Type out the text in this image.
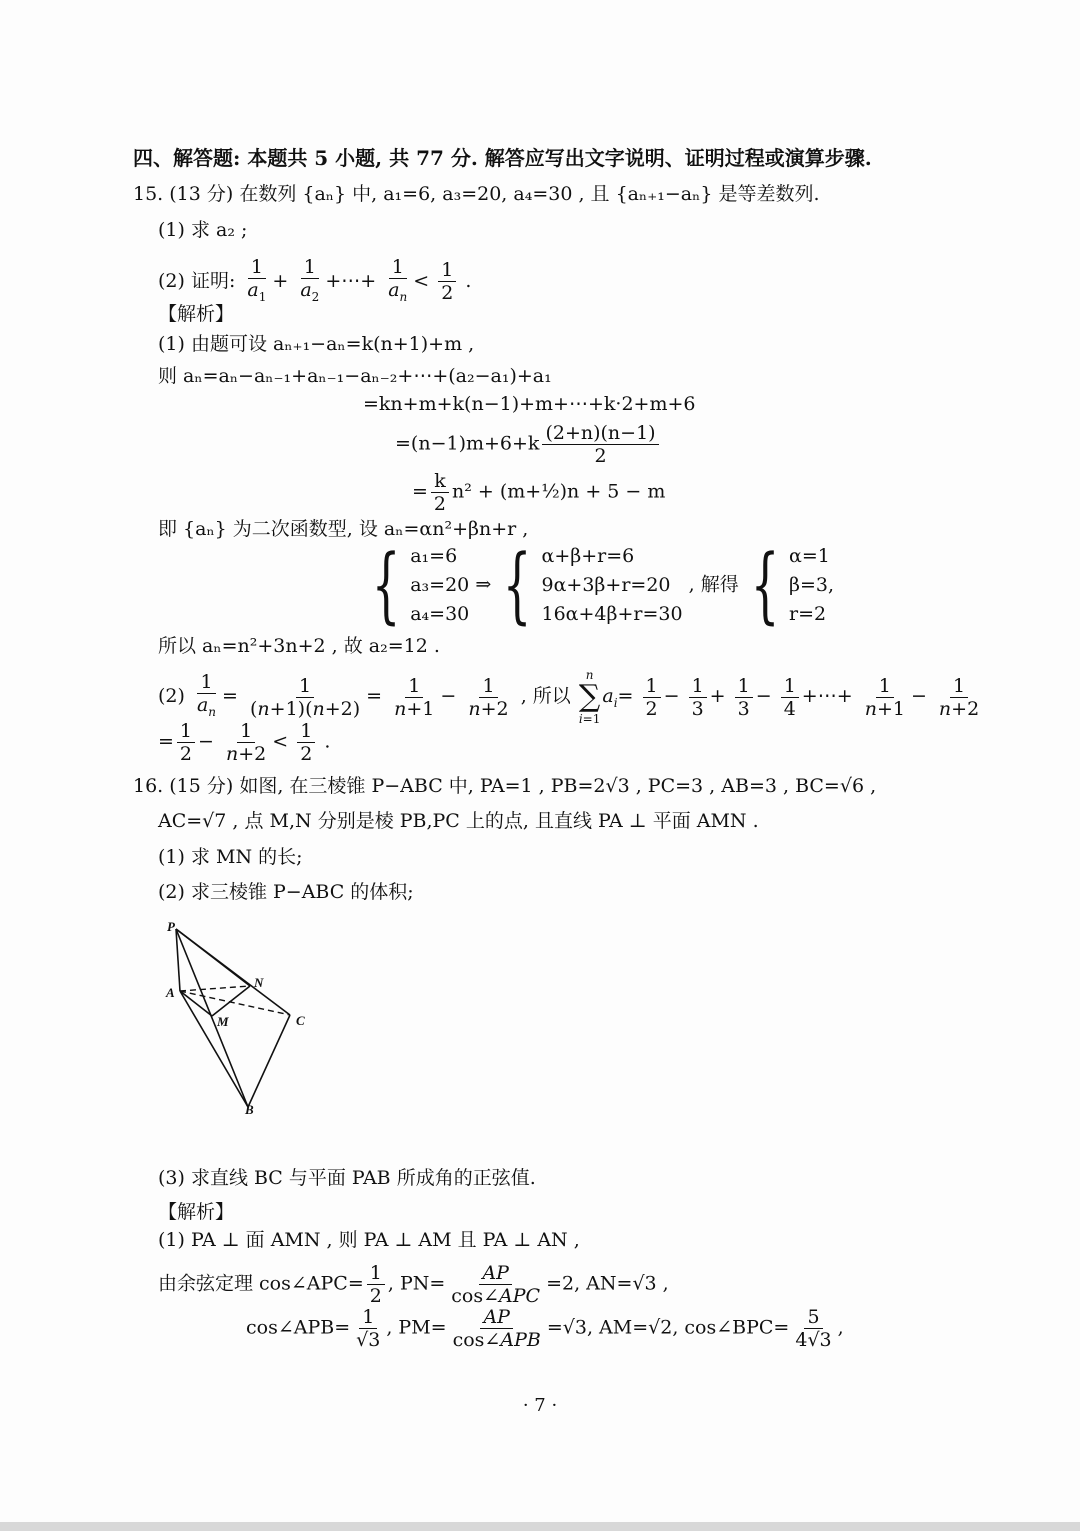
四、解答题: 本题共 5 小题, 共 77 分. 解答应写出文字说明、证明过程或演算步骤.
15. (13 分) 在数列 {aₙ} 中, a₁=6, a₃=20, a₄=30 , 且 {aₙ₊₁−aₙ} 是等差数列.
(1) 求 a₂ ;
(2) 证明: $\frac{1}{a_1} + \frac{1}{a_2}$ +⋯+ $\frac{1}{a_n} < \frac{1}{2}$ .
【解析】
(1) 由题可设 aₙ₊₁−aₙ=k(n+1)+m ,
则 aₙ=aₙ−aₙ₋₁+aₙ₋₁−aₙ₋₂+⋯+(a₂−a₁)+a₁
=kn+m+k(n−1)+m+⋯+k·2+m+6
$=(n-1)m+6+k \frac{(2+n)(n-1)}{2}$
= $\frac{k}{2} n^2$ + (m+½)n + 5 − m
即 {aₙ} 为二次函数型, 设 aₙ=αn²+βn+r ,
{ a₁=6
a₃=20
a₄=30
⇒ { α+β+r=6
9α+3β+r=20
16α+4β+r=30
, 解得 { α=1
β=3,
r=2
所以 aₙ=n²+3n+2 , 故 a₂=12 .
$(2) \frac{1}{a_n} = \frac{1}{(n+1)(n+2)} = \frac{1}{n+1} - \frac{1}{n+2}$ , 所以
n
∑
i=1
$a_i= \frac{1}{2} - \frac{1}{3} + \frac{1}{3} - \frac{1}{4}$ +⋯+ $\frac{1}{n+1} - \frac{1}{n+2}$
= $\frac{1}{2} - \frac{1}{n+2} < \frac{1}{2}$ .
16. (15 分) 如图, 在三棱锥 P−ABC 中, PA=1 , PB=2√3 , PC=3 , AB=3 , BC=√6 ,
AC=√7 , 点 M,N 分别是棱 PB,PC 上的点, 且直线 PA ⊥ 平面 AMN .
(1) 求 MN 的长;
(2) 求三棱锥 P−ABC 的体积;
P
A
N
M	C
B
(3) 求直线 BC 与平面 PAB 所成角的正弦值.
【解析】
(1) PA ⊥ 面 AMN , 则 PA ⊥ AM 且 PA ⊥ AN ,
由余弦定理 cos∠APC= $\frac{1}{2}$ , $PN= \frac{AP}{\text{cos∠APC}} =2$, AN=√3 ,
cos∠APB= $\frac{1}{√3}$ , $PM= \frac{AP}{\text{cos∠APB}} =√3$, AM=√2, cos∠BPC= $\frac{5}{4√3}$ ,
· 7 ·
